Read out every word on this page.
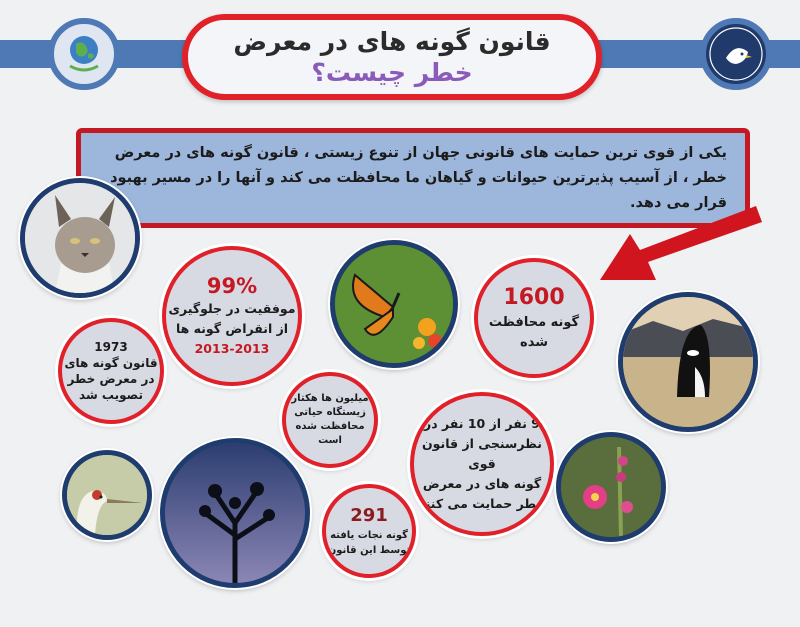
قانون گونه های در معرض
خطر چیست؟
یکی از قوی ترین حمایت های قانونی جهان از تنوع زیستی ، قانون گونه های در معرض خطر ، از آسیب پذیرترین حیوانات و گیاهان ما محافظت می کند و آنها را در مسیر بهبود قرار می دهد.
99%
موفقیت در جلوگیری
از انقراض گونه ها
2013-2013
1600
گونه محافظت
شده
1973
قانون گونه های
در معرض خطر
تصویب شد	میلیون ها هکتار
زیستگاه حیاتی
محافظت شده
است
9 نفر از 10 نفر در
نظرسنجی از قانون قوی
گونه های در معرض
خطر حمایت می کنند
291
گونه نجات یافته
توسط این قانون
